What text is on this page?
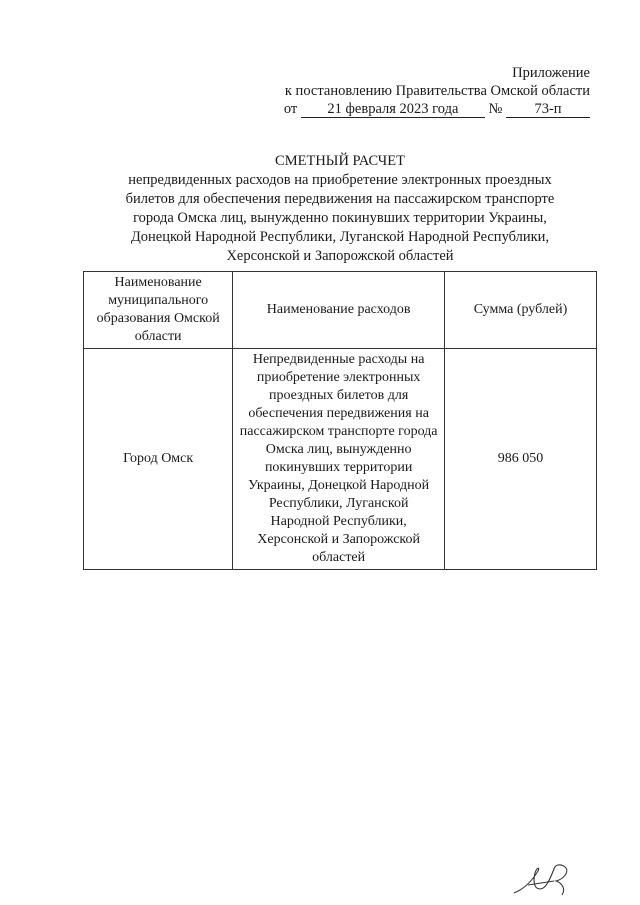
Приложение
к постановлению Правительства Омской области
от 21 февраля 2023 года № 73-п
СМЕТНЫЙ РАСЧЕТ
непредвиденных расходов на приобретение электронных проездных билетов для обеспечения передвижения на пассажирском транспорте города Омска лиц, вынужденно покинувших территории Украины, Донецкой Народной Республики, Луганской Народной Республики, Херсонской и Запорожской областей
Наименование муниципального образования Омской области	Наименование расходов	Сумма (рублей)
Город Омск	Непредвиденные расходы на приобретение электронных проездных билетов для обеспечения передвижения на пассажирском транспорте города Омска лиц, вынужденно покинувших территории Украины, Донецкой Народной Республики, Луганской Народной Республики, Херсонской и Запорожской областей	986 050
